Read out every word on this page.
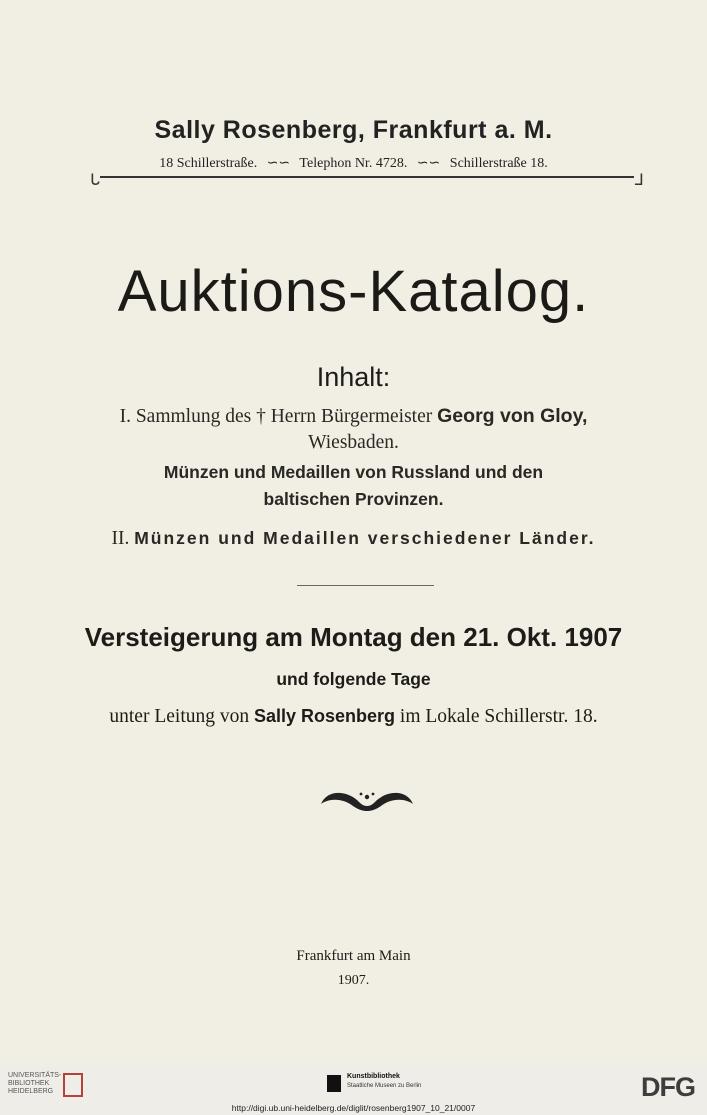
Sally Rosenberg, Frankfurt a. M.
18 Schillerstraße. ∽∽ Telephon Nr. 4728. ∽∽ Schillerstraße 18.
ᒐ	ᒧ
Auktions-Katalog.
Inhalt:
I. Sammlung des † Herrn Bürgermeister Georg von Gloy,
Wiesbaden.
Münzen und Medaillen von Russland und den
baltischen Provinzen.
II. Münzen und Medaillen verschiedener Länder.
Versteigerung am Montag den 21. Okt. 1907
und folgende Tage
unter Leitung von Sally Rosenberg im Lokale Schillerstr. 18.
Frankfurt am Main
1907.
UNIVERSITÄTS-
BIBLIOTHEK
HEIDELBERG
Kunstbibliothek
Staatliche Museen zu Berlin	DFG
http://digi.ub.uni-heidelberg.de/diglit/rosenberg1907_10_21/0007
